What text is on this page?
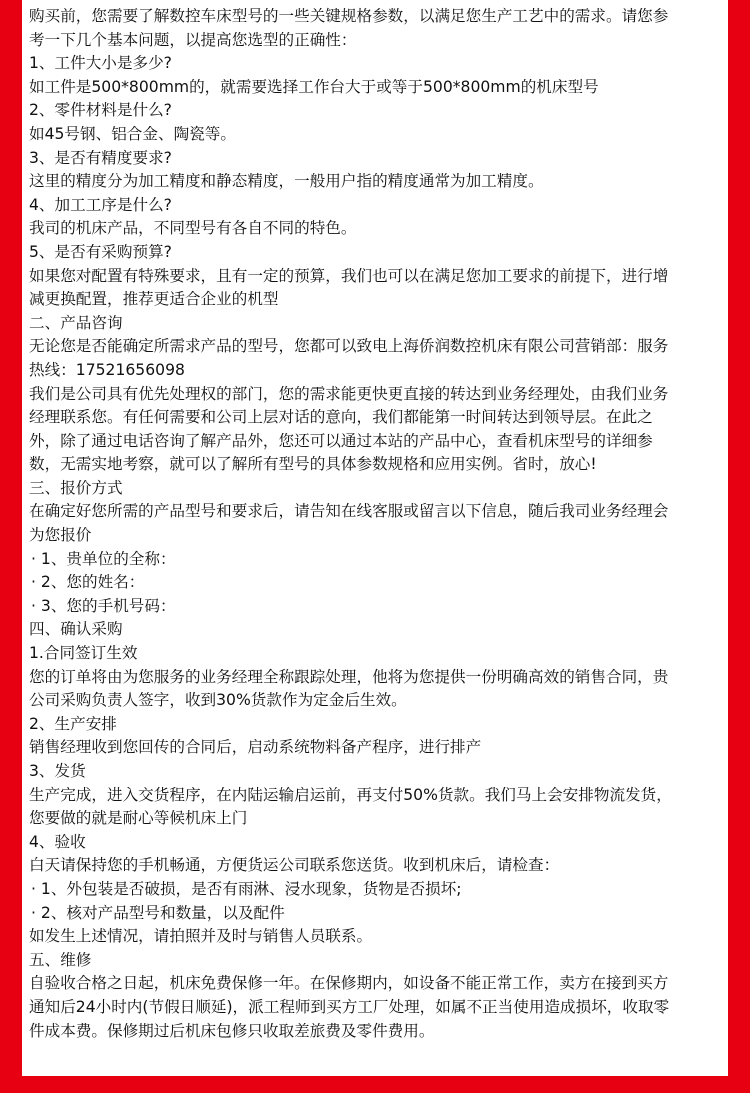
购买前，您需要了解数控车床型号的一些关键规格参数，以满足您生产工艺中的需求。请您参
考一下几个基本问题，以提高您选型的正确性：
1、工件大小是多少?
如工件是500*800mm的，就需要选择工作台大于或等于500*800mm的机床型号
2、零件材料是什么?
如45号钢、铝合金、陶瓷等。
3、是否有精度要求?
这里的精度分为加工精度和静态精度，一般用户指的精度通常为加工精度。
4、加工工序是什么?
我司的机床产品，不同型号有各自不同的特色。
5、是否有采购预算?
如果您对配置有特殊要求，且有一定的预算，我们也可以在满足您加工要求的前提下，进行增
减更换配置，推荐更适合企业的机型
二、产品咨询
无论您是否能确定所需求产品的型号，您都可以致电上海侨润数控机床有限公司营销部：服务
热线：17521656098
我们是公司具有优先处理权的部门，您的需求能更快更直接的转达到业务经理处，由我们业务
经理联系您。有任何需要和公司上层对话的意向，我们都能第一时间转达到领导层。在此之
外，除了通过电话咨询了解产品外，您还可以通过本站的产品中心，查看机床型号的详细参
数，无需实地考察，就可以了解所有型号的具体参数规格和应用实例。省时，放心!
三、报价方式
在确定好您所需的产品型号和要求后，请告知在线客服或留言以下信息，随后我司业务经理会
为您报价
· 1、贵单位的全称：
· 2、您的姓名：
· 3、您的手机号码：
四、确认采购
1.合同签订生效
您的订单将由为您服务的业务经理全称跟踪处理，他将为您提供一份明确高效的销售合同，贵
公司采购负责人签字，收到30%货款作为定金后生效。
2、生产安排
销售经理收到您回传的合同后，启动系统物料备产程序，进行排产
3、发货
生产完成，进入交货程序，在内陆运输启运前，再支付50%货款。我们马上会安排物流发货，
您要做的就是耐心等候机床上门
4、验收
白天请保持您的手机畅通，方便货运公司联系您送货。收到机床后，请检查：
· 1、外包装是否破损，是否有雨淋、浸水现象，货物是否损坏;
· 2、核对产品型号和数量，以及配件
如发生上述情况，请拍照并及时与销售人员联系。
五、维修
自验收合格之日起，机床免费保修一年。在保修期内，如设备不能正常工作，卖方在接到买方
通知后24小时内(节假日顺延)，派工程师到买方工厂处理，如属不正当使用造成损坏，收取零
件成本费。保修期过后机床包修只收取差旅费及零件费用。
